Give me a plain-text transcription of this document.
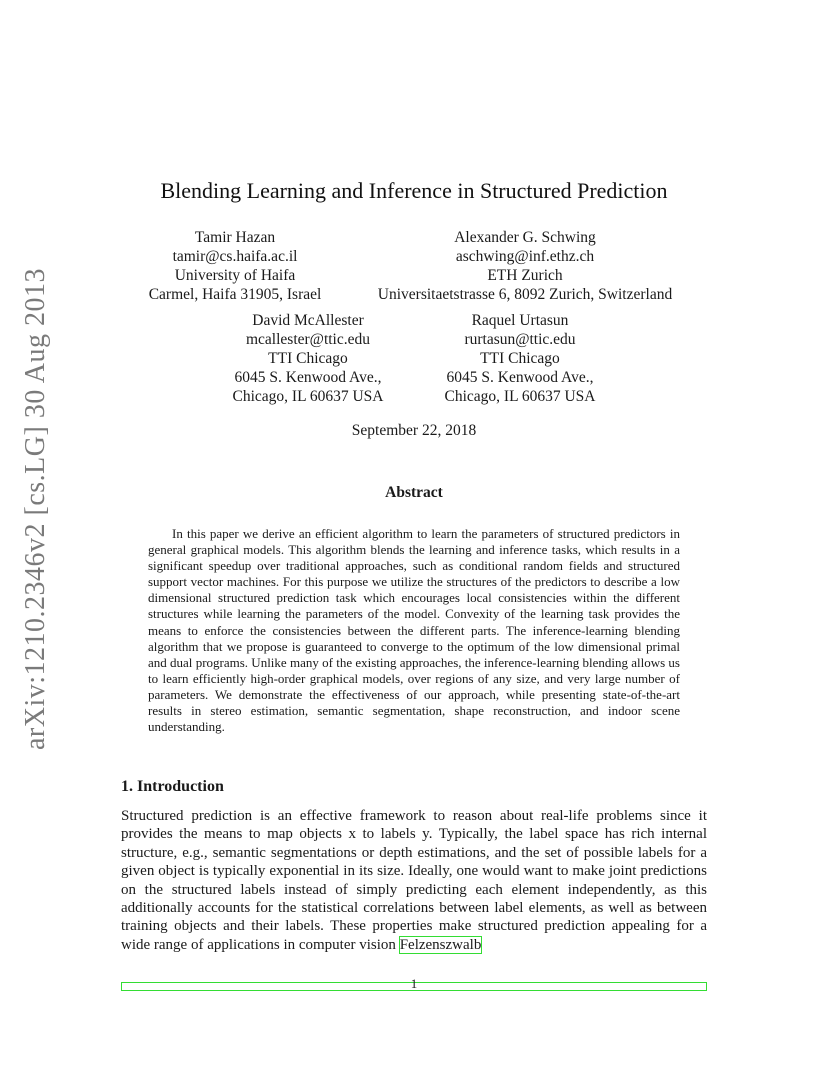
arXiv:1210.2346v2 [cs.LG] 30 Aug 2013
Blending Learning and Inference in Structured Prediction
Tamir Hazan
tamir@cs.haifa.ac.il
University of Haifa
Carmel, Haifa 31905, Israel
Alexander G. Schwing
aschwing@inf.ethz.ch
ETH Zurich
Universitaetstrasse 6, 8092 Zurich, Switzerland
David McAllester
mcallester@ttic.edu
TTI Chicago
6045 S. Kenwood Ave.,
Chicago, IL 60637 USA
Raquel Urtasun
rurtasun@ttic.edu
TTI Chicago
6045 S. Kenwood Ave.,
Chicago, IL 60637 USA
September 22, 2018
Abstract
In this paper we derive an efficient algorithm to learn the parameters of structured predictors in general graphical models. This algorithm blends the learning and inference tasks, which results in a significant speedup over traditional approaches, such as conditional random fields and structured support vector machines. For this purpose we utilize the structures of the predictors to describe a low dimensional structured prediction task which encourages local consistencies within the different structures while learning the parameters of the model. Convexity of the learning task provides the means to enforce the consistencies between the different parts. The inference-learning blending algorithm that we propose is guaranteed to converge to the optimum of the low dimensional primal and dual programs. Unlike many of the existing approaches, the inference-learning blending allows us to learn efficiently high-order graphical models, over regions of any size, and very large number of parameters. We demonstrate the effectiveness of our approach, while presenting state-of-the-art results in stereo estimation, semantic segmentation, shape reconstruction, and indoor scene understanding.
1. Introduction
Structured prediction is an effective framework to reason about real-life problems since it provides the means to map objects x to labels y. Typically, the label space has rich internal structure, e.g., semantic segmentations or depth estimations, and the set of possible labels for a given object is typically exponential in its size. Ideally, one would want to make joint predictions on the structured labels instead of simply predicting each element independently, as this additionally accounts for the statistical correlations between label elements, as well as between training objects and their labels. These properties make structured prediction appealing for a wide range of applications in computer vision Felzenszwalb
1
